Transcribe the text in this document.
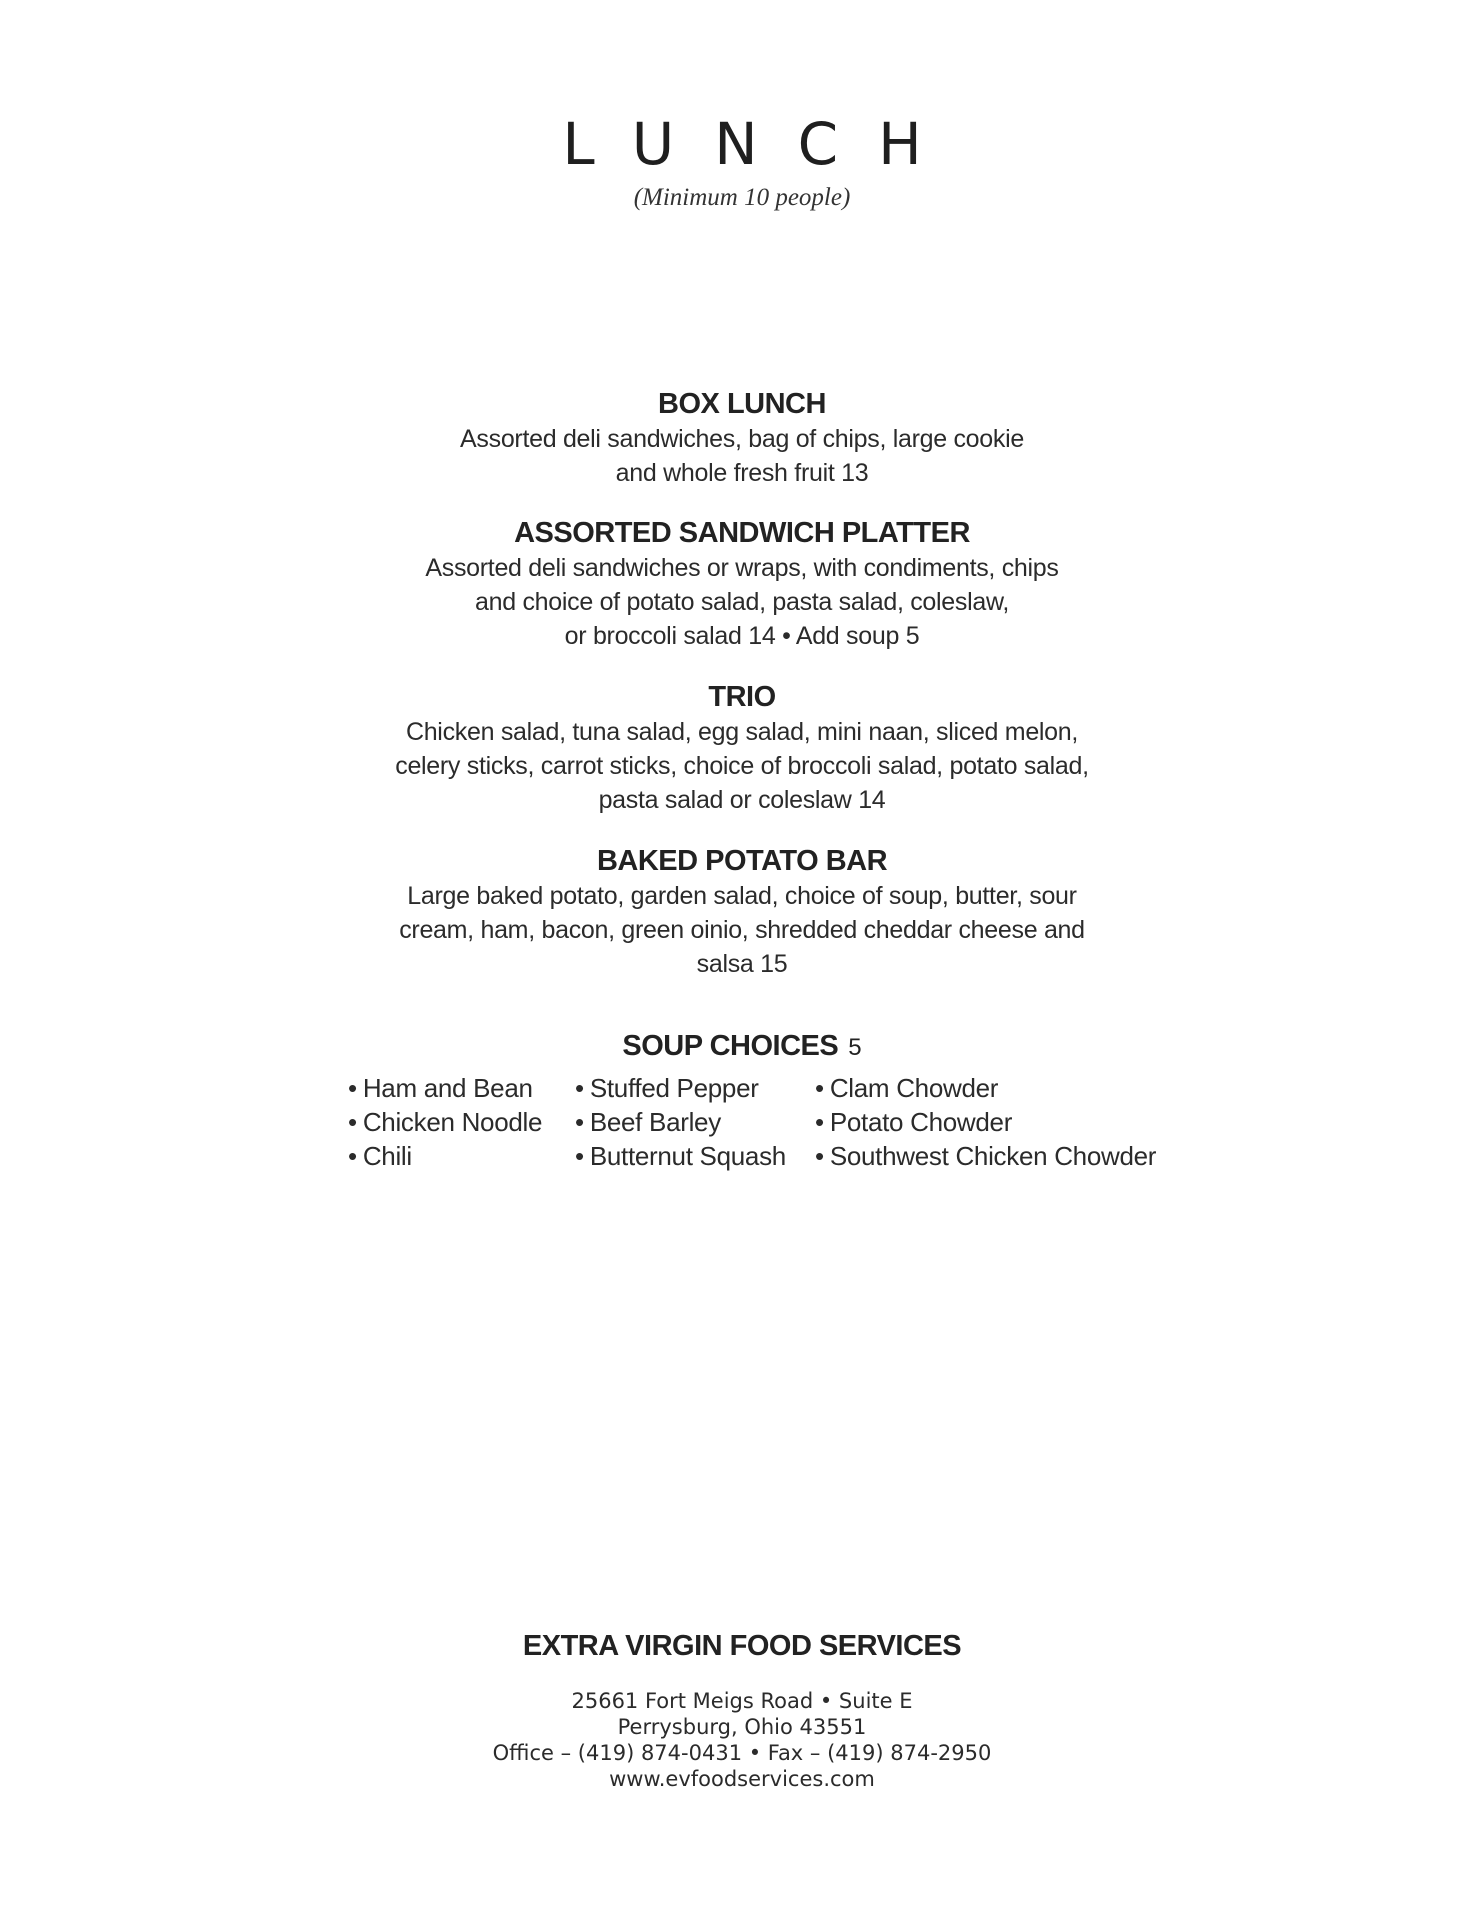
LUNCH
(Minimum 10 people)
BOX LUNCH
Assorted deli sandwiches, bag of chips, large cookie
and whole fresh fruit 13
ASSORTED SANDWICH PLATTER
Assorted deli sandwiches or wraps, with condiments, chips
and choice of potato salad, pasta salad, coleslaw,
or broccoli salad 14 • Add soup 5
TRIO
Chicken salad, tuna salad, egg salad, mini naan, sliced melon,
celery sticks, carrot sticks, choice of broccoli salad, potato salad,
pasta salad or coleslaw 14
BAKED POTATO BAR
Large baked potato, garden salad, choice of soup, butter, sour
cream, ham, bacon, green oinio, shredded cheddar cheese and
salsa 15
SOUP CHOICES 5
• Ham and Bean
• Chicken Noodle
• Chili
• Stuffed Pepper
• Beef Barley
• Butternut Squash
• Clam Chowder
• Potato Chowder
• Southwest Chicken Chowder
EXTRA VIRGIN FOOD SERVICES
25661 Fort Meigs Road • Suite E
Perrysburg, Ohio 43551
Office – (419) 874-0431 • Fax – (419) 874-2950
www.evfoodservices.com
